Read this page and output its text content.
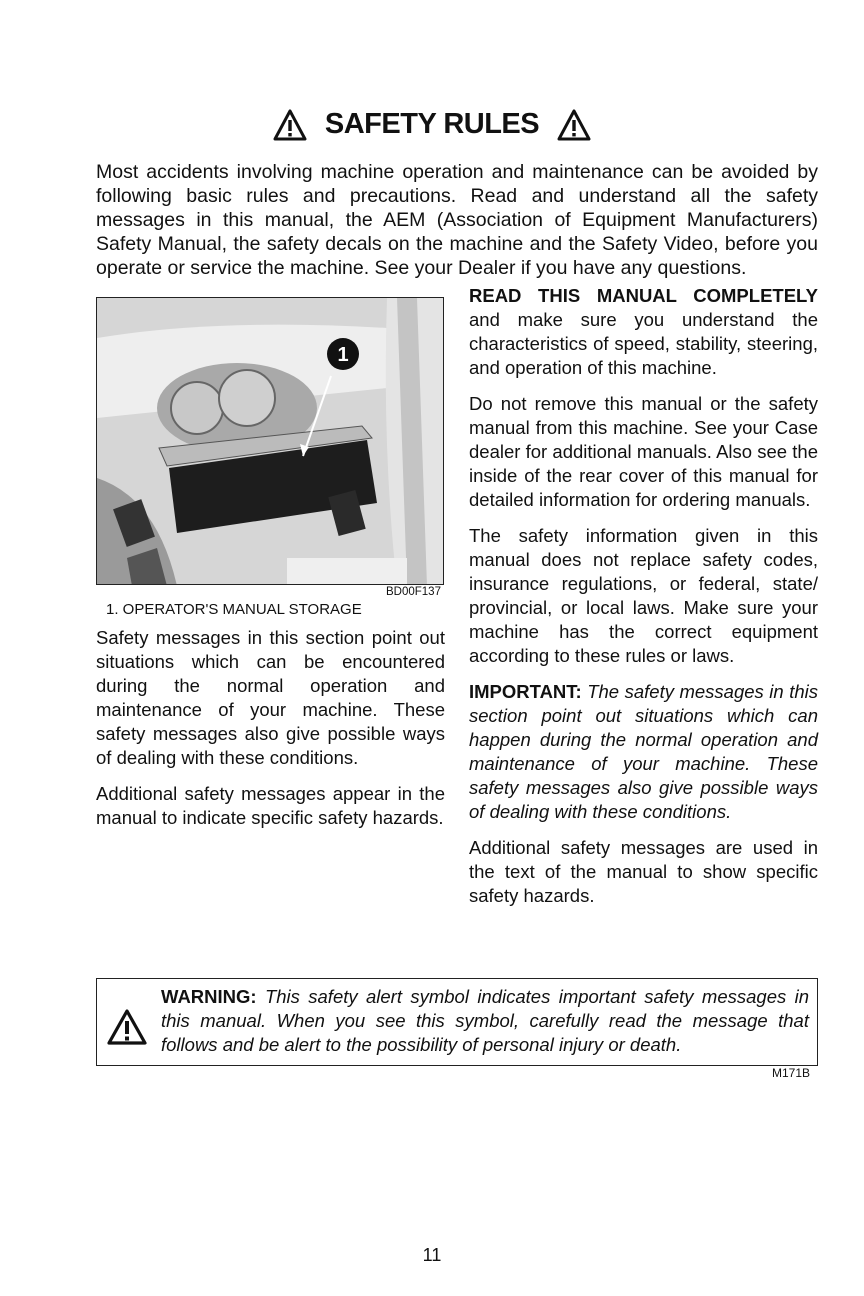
SAFETY RULES

Most accidents involving machine operation and maintenance can be avoided by following basic rules and precautions. Read and understand all the safety messages in this manual, the AEM (Association of Equipment Manufacturers) Safety Manual, the safety decals on the machine and the Safety Video, before you operate or service the machine. See your Dealer if you have any questions.

1
BD00F137
1. OPERATOR'S MANUAL STORAGE

Safety messages in this section point out situations which can be encountered during the normal operation and maintenance of your machine. These safety messages also give possible ways of dealing with these conditions.

Additional safety messages appear in the manual to indicate specific safety hazards.

READ THIS MANUAL COMPLETELY
and make sure you understand the characteristics of speed, stability, steering, and operation of this machine.

Do not remove this manual or the safety manual from this machine. See your Case dealer for additional manuals. Also see the inside of the rear cover of this manual for detailed information for ordering manuals.

The safety information given in this manual does not replace safety codes, insurance regulations, or federal, state/ provincial, or local laws. Make sure your machine has the correct equipment according to these rules or laws.

IMPORTANT: The safety messages in this section point out situations which can happen during the normal operation and maintenance of your machine. These safety messages also give possible ways of dealing with these conditions.

Additional safety messages are used in the text of the manual to show specific safety hazards.

WARNING: This safety alert symbol indicates important safety messages in this manual. When you see this symbol, carefully read the message that follows and be alert to the possibility of personal injury or death.

M171B
11
